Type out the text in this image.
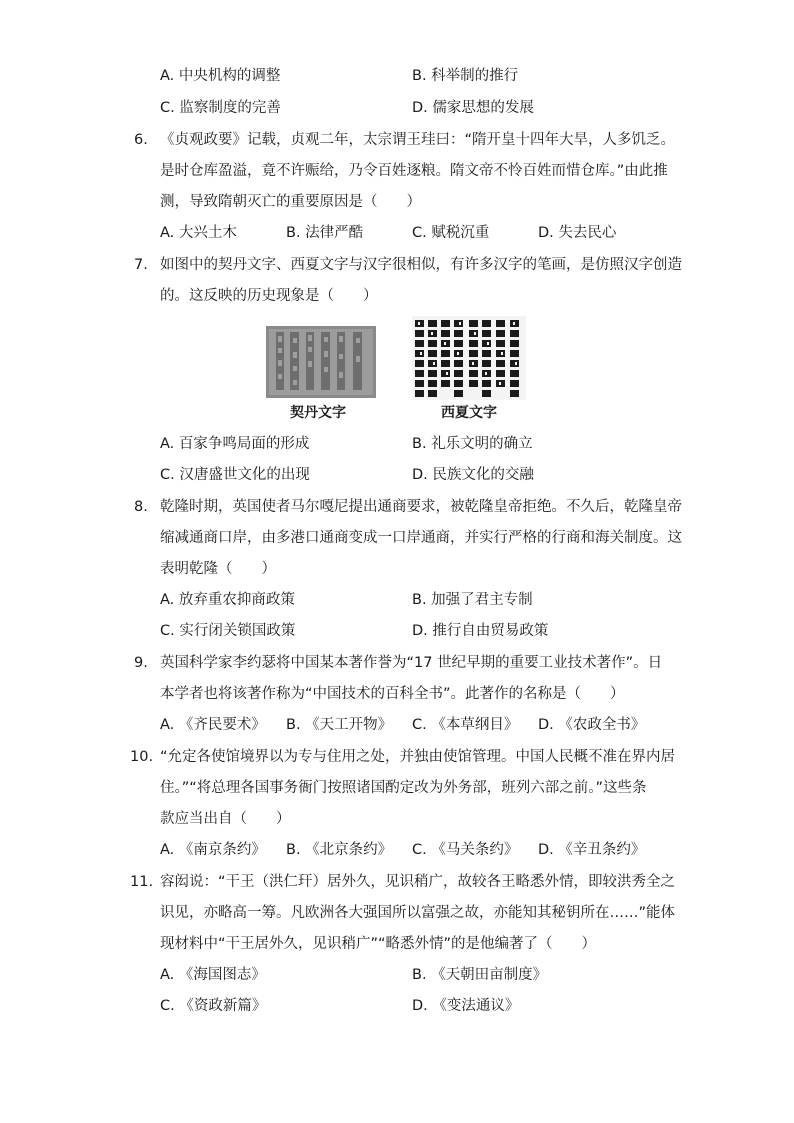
A. 中央机构的调整	B. 科举制的推行
C. 监察制度的完善	D. 儒家思想的发展
6. 《贞观政要》记载，贞观二年，太宗谓王珪曰：“隋开皇十四年大旱，人多饥乏。
是时仓库盈溢，竟不许赈给，乃令百姓逐粮。隋文帝不怜百姓而惜仓库。”由此推
测，导致隋朝灭亡的重要原因是（　　）
A. 大兴土木	B. 法律严酷	C. 赋税沉重	D. 失去民心
7. 如图中的契丹文字、西夏文字与汉字很相似，有许多汉字的笔画，是仿照汉字创造
的。这反映的历史现象是（　　）
契丹文字	西夏文字
A. 百家争鸣局面的形成	B. 礼乐文明的确立
C. 汉唐盛世文化的出现	D. 民族文化的交融
8. 乾隆时期，英国使者马尔嘎尼提出通商要求，被乾隆皇帝拒绝。不久后，乾隆皇帝
缩减通商口岸，由多港口通商变成一口岸通商，并实行严格的行商和海关制度。这
表明乾隆（　　）
A. 放弃重农抑商政策	B. 加强了君主专制
C. 实行闭关锁国政策	D. 推行自由贸易政策
9. 英国科学家李约瑟将中国某本著作誉为“17 世纪早期的重要工业技术著作”。日
本学者也将该著作称为“中国技术的百科全书”。此著作的名称是（　　）
A. 《齐民要术》 B. 《天工开物》 C. 《本草纲目》 D. 《农政全书》
10. “允定各使馆境界以为专与住用之处，并独由使馆管理。中国人民概不准在界内居
住。”“将总理各国事务衙门按照诸国酌定改为外务部，班列六部之前。”这些条
款应当出自（　　）
A. 《南京条约》 B. 《北京条约》 C. 《马关条约》 D. 《辛丑条约》
11. 容闳说：“干王（洪仁玕）居外久，见识稍广，故较各王略悉外情，即较洪秀全之
识见，亦略高一筹。凡欧洲各大强国所以富强之故，亦能知其秘钥所在……”能体
现材料中“干王居外久，见识稍广”“略悉外情”的是他编著了（　　）
A. 《海国图志》	B. 《天朝田亩制度》
C. 《资政新篇》	D. 《变法通议》
